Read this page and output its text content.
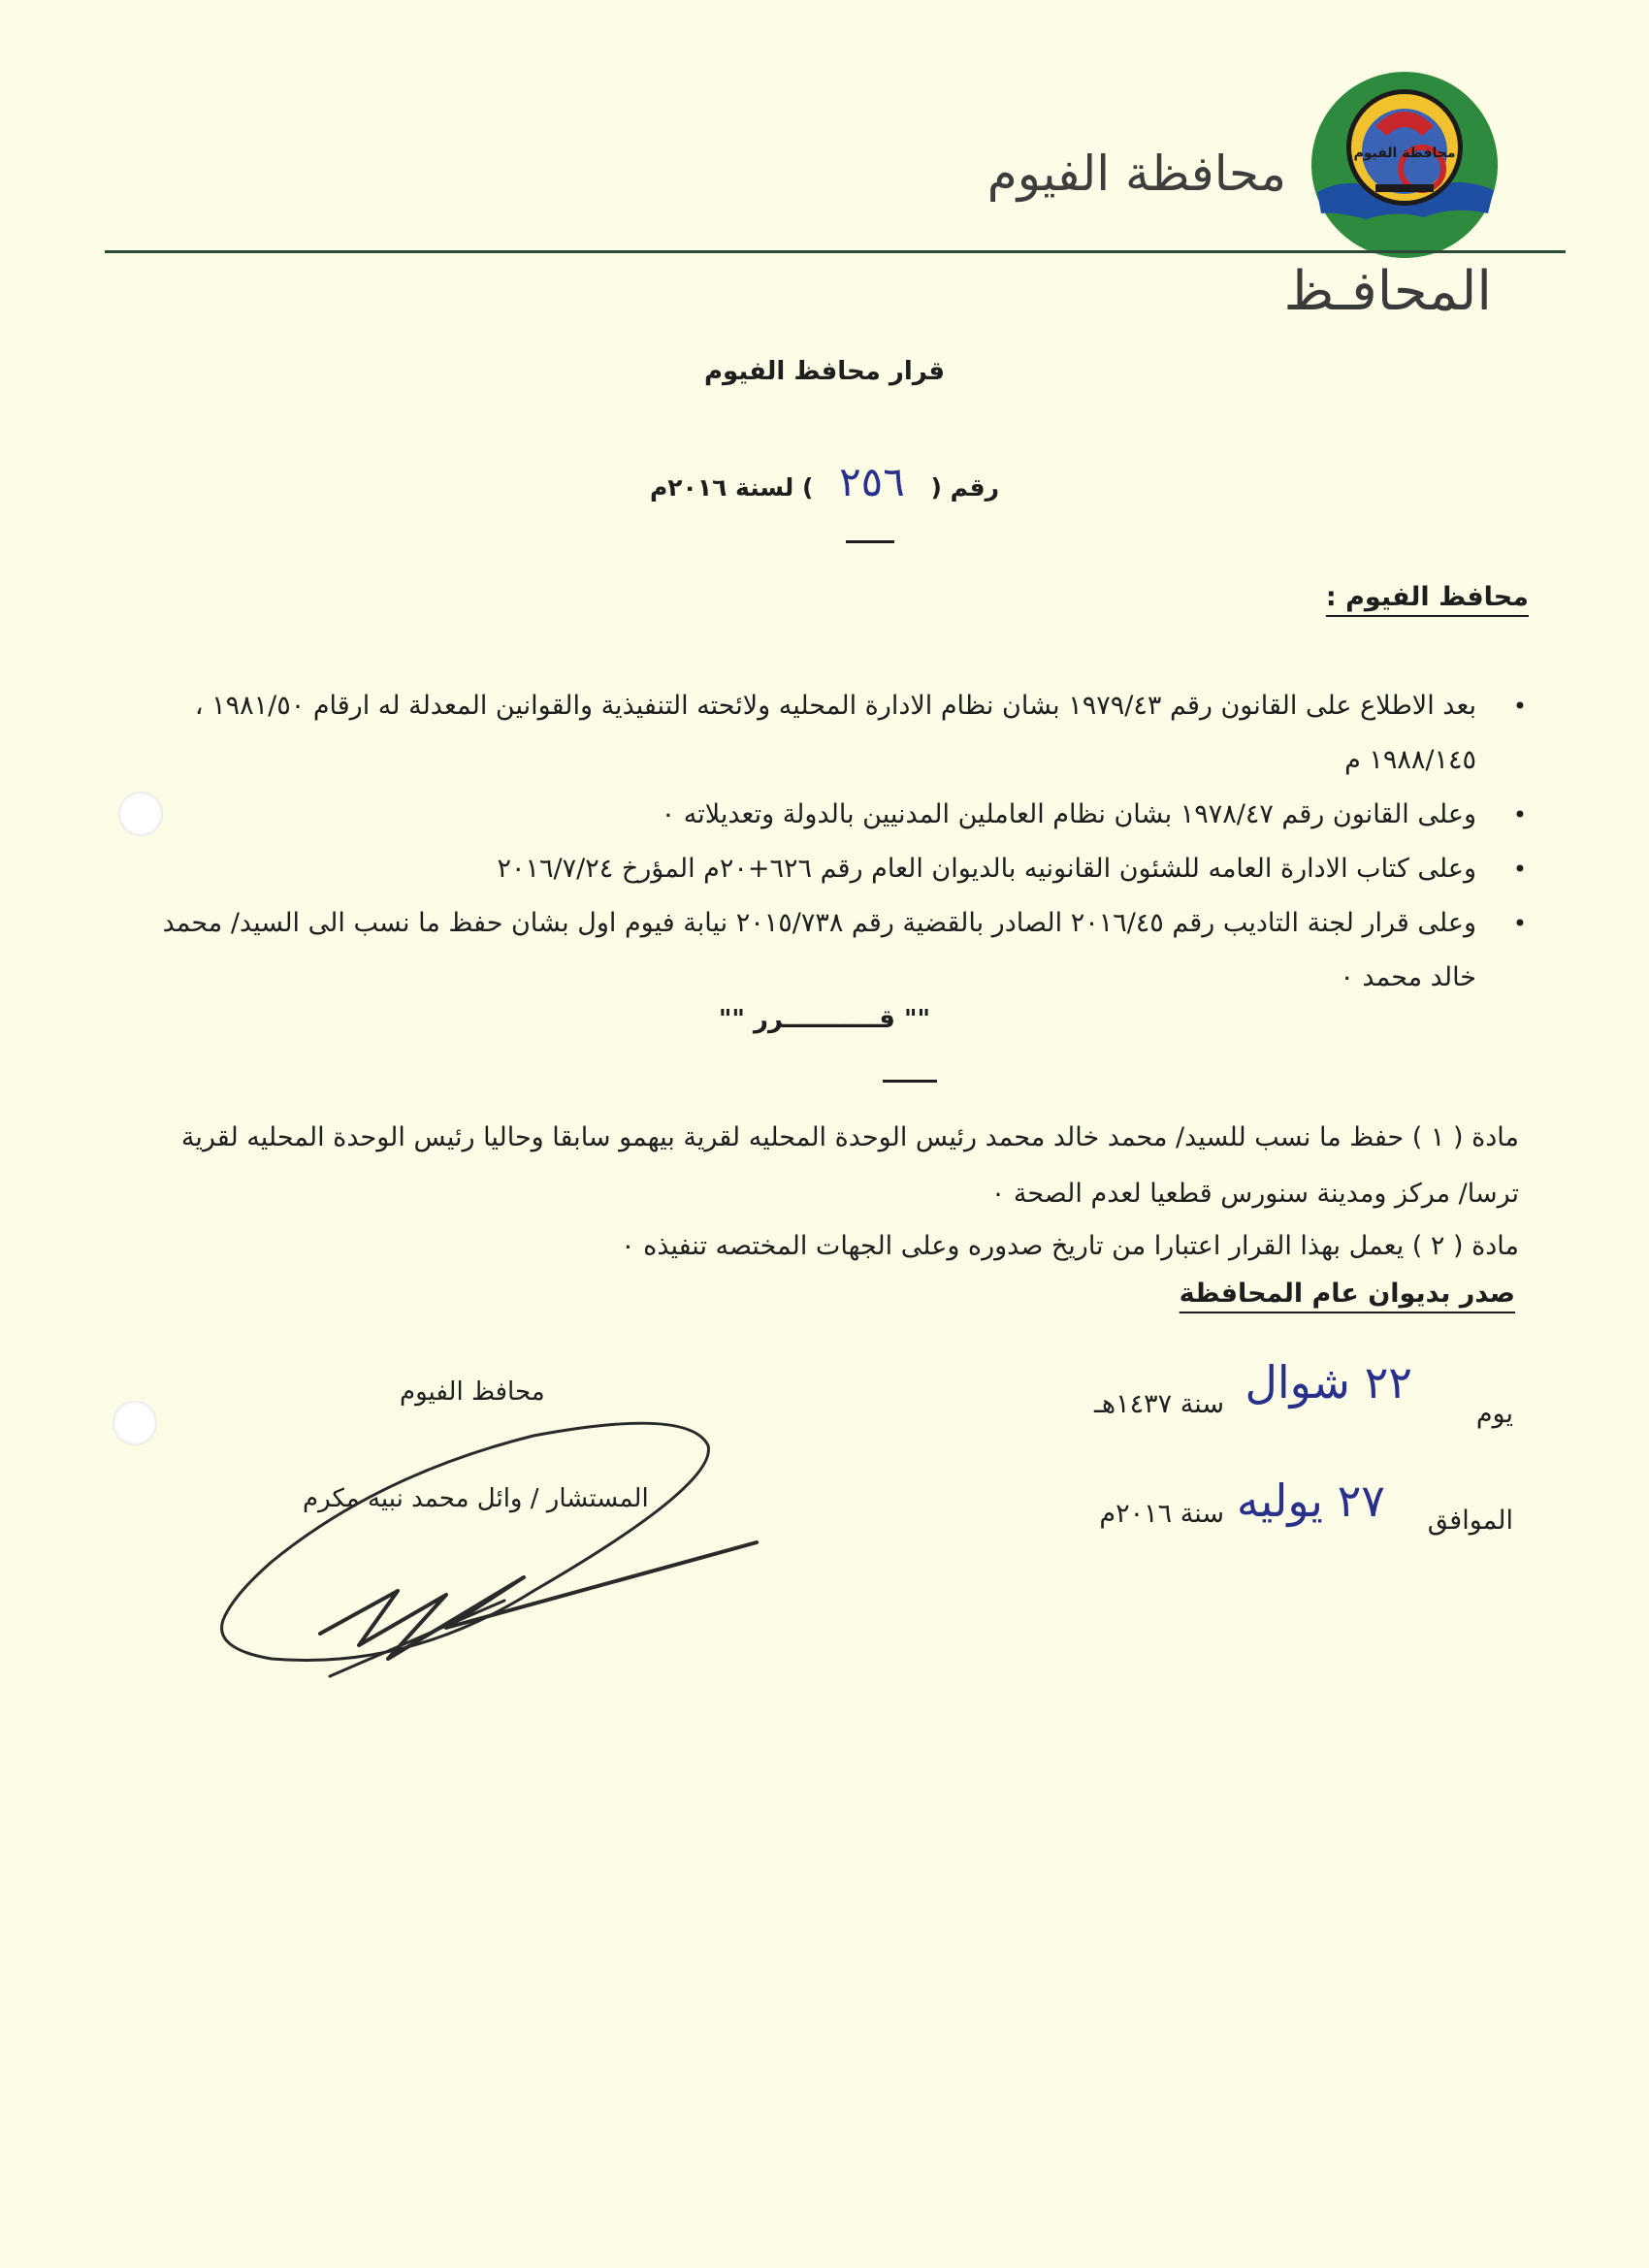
محافظة الفيوم
محافظة الفيوم
المحافـظ
قرار محافظ الفيوم
رقم ( ٢٥٦ ) لسنة ٢٠١٦م
محافظ الفيوم :
• بعد الاطلاع على القانون رقم ١٩٧٩/٤٣ بشان نظام الادارة المحليه ولائحته التنفيذية والقوانين المعدلة له ارقام ١٩٨١/٥٠ ، ١٩٨٨/١٤٥ م
• وعلى القانون رقم ١٩٧٨/٤٧ بشان نظام العاملين المدنيين بالدولة وتعديلاته ٠
• وعلى كتاب الادارة العامه للشئون القانونيه بالديوان العام رقم ٦٢٦+٢٠م المؤرخ ٢٠١٦/٧/٢٤
• وعلى قرار لجنة التاديب رقم ٢٠١٦/٤٥ الصادر بالقضية رقم ٢٠١٥/٧٣٨ نيابة فيوم اول بشان حفظ ما نسب الى السيد/ محمد خالد محمد ٠
"" قـــــــــــرر ""
مادة ( ١ ) حفظ ما نسب للسيد/ محمد خالد محمد رئيس الوحدة المحليه لقرية بيهمو سابقا وحاليا رئيس الوحدة المحليه لقرية ترسا/ مركز ومدينة سنورس قطعيا لعدم الصحة ٠
مادة ( ٢ ) يعمل بهذا القرار اعتبارا من تاريخ صدوره وعلى الجهات المختصه تنفيذه ٠
صدر بديوان عام المحافظة
يوم
٢٢ شوال
سنة ١٤٣٧هـ
الموافق
٢٧ يوليه
سنة ٢٠١٦م
محافظ الفيوم
المستشار / وائل محمد نبيه مكرم
